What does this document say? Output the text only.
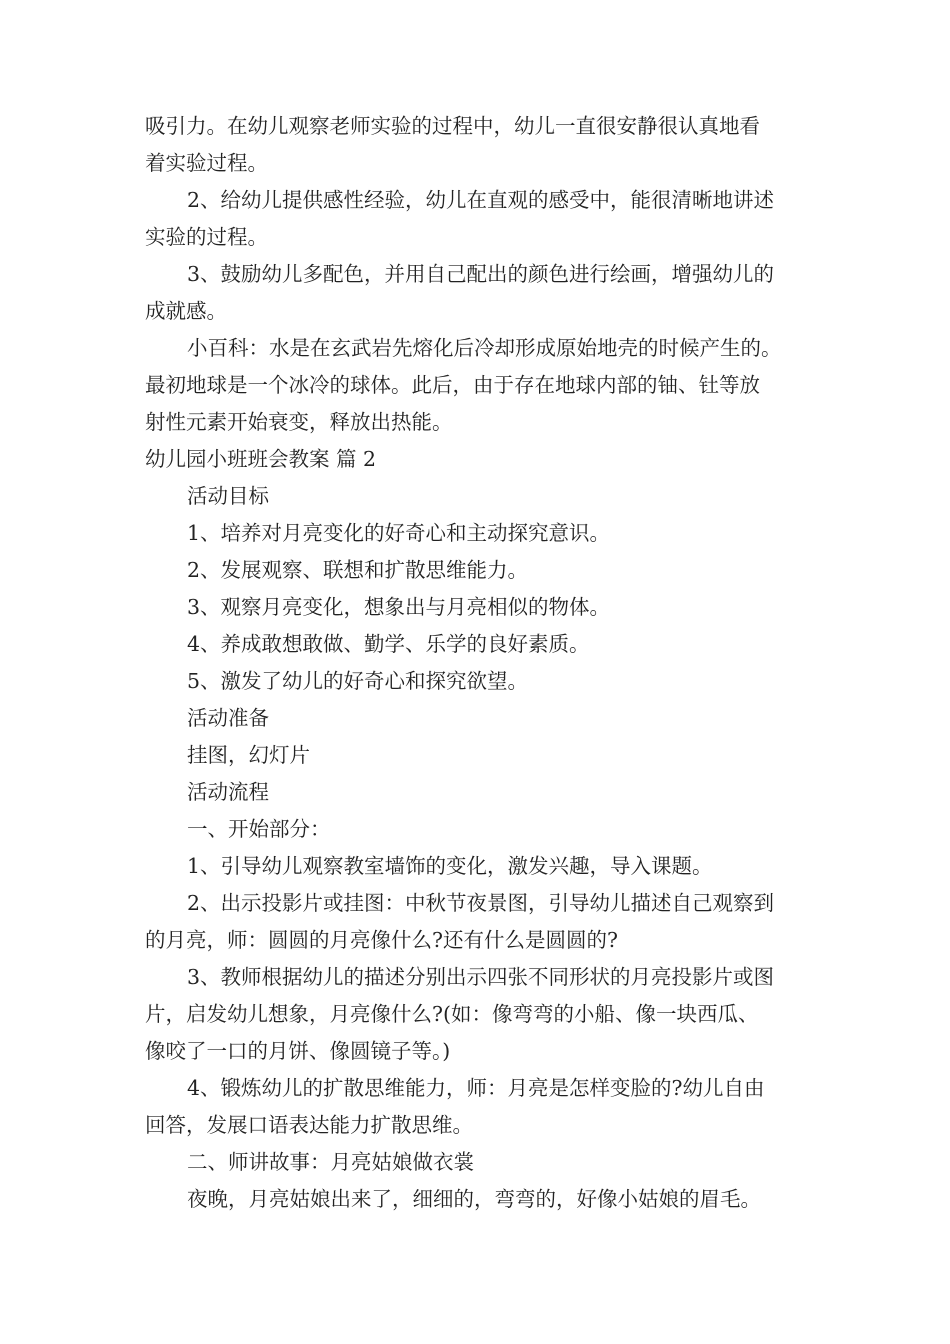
吸引力。在幼儿观察老师实验的过程中，幼儿一直很安静很认真地看

着实验过程。

2、给幼儿提供感性经验，幼儿在直观的感受中，能很清晰地讲述

实验的过程。

3、鼓励幼儿多配色，并用自己配出的颜色进行绘画，增强幼儿的

成就感。

小百科：水是在玄武岩先熔化后冷却形成原始地壳的时候产生的。

最初地球是一个冰冷的球体。此后，由于存在地球内部的铀、钍等放

射性元素开始衰变，释放出热能。

幼儿园小班班会教案 篇 2

活动目标

1、培养对月亮变化的好奇心和主动探究意识。

2、发展观察、联想和扩散思维能力。

3、观察月亮变化，想象出与月亮相似的物体。

4、养成敢想敢做、勤学、乐学的良好素质。

5、激发了幼儿的好奇心和探究欲望。

活动准备

挂图，幻灯片

活动流程

一、开始部分：

1、引导幼儿观察教室墙饰的变化，激发兴趣，导入课题。

2、出示投影片或挂图：中秋节夜景图，引导幼儿描述自己观察到

的月亮，师：圆圆的月亮像什么?还有什么是圆圆的?

3、教师根据幼儿的描述分别出示四张不同形状的月亮投影片或图

片，启发幼儿想象，月亮像什么?(如：像弯弯的小船、像一块西瓜、

像咬了一口的月饼、像圆镜子等。)

4、锻炼幼儿的扩散思维能力，师：月亮是怎样变脸的?幼儿自由

回答，发展口语表达能力扩散思维。

二、师讲故事：月亮姑娘做衣裳

夜晚，月亮姑娘出来了，细细的，弯弯的，好像小姑娘的眉毛。
